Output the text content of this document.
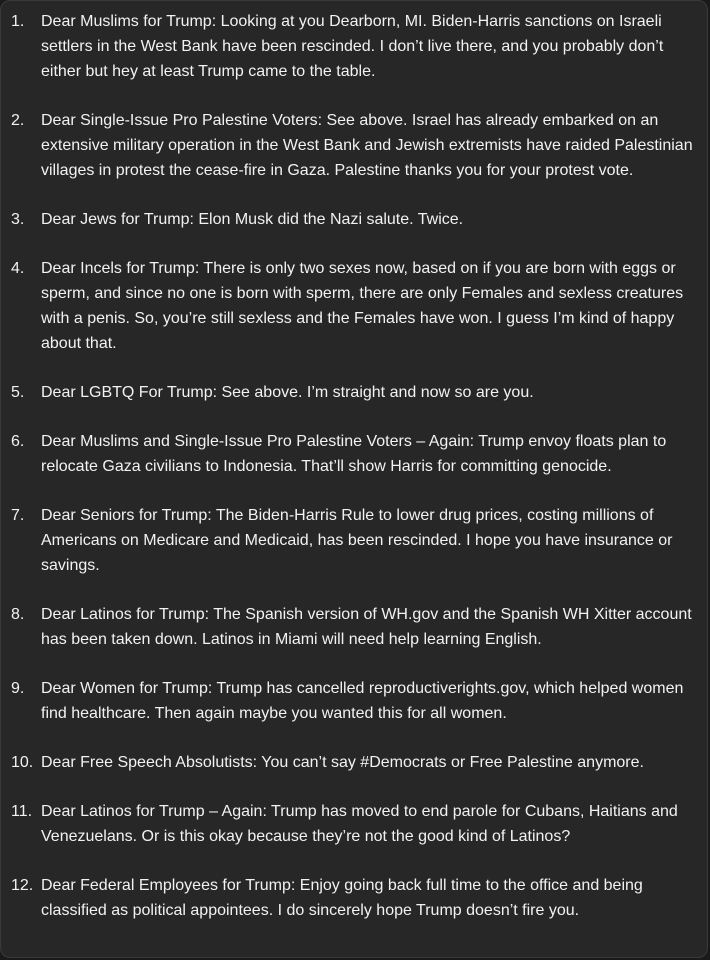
1. Dear Muslims for Trump: Looking at you Dearborn, MI. Biden-Harris sanctions on Israeli settlers in the West Bank have been rescinded. I don’t live there, and you probably don’t either but hey at least Trump came to the table.
2. Dear Single-Issue Pro Palestine Voters: See above. Israel has already embarked on an extensive military operation in the West Bank and Jewish extremists have raided Palestinian villages in protest the cease-fire in Gaza. Palestine thanks you for your protest vote.
3. Dear Jews for Trump: Elon Musk did the Nazi salute. Twice.
4. Dear Incels for Trump: There is only two sexes now, based on if you are born with eggs or sperm, and since no one is born with sperm, there are only Females and sexless creatures with a penis. So, you’re still sexless and the Females have won. I guess I’m kind of happy about that.
5. Dear LGBTQ For Trump: See above. I’m straight and now so are you.
6. Dear Muslims and Single-Issue Pro Palestine Voters – Again: Trump envoy floats plan to relocate Gaza civilians to Indonesia. That’ll show Harris for committing genocide.
7. Dear Seniors for Trump: The Biden-Harris Rule to lower drug prices, costing millions of Americans on Medicare and Medicaid, has been rescinded. I hope you have insurance or savings.
8. Dear Latinos for Trump: The Spanish version of WH.gov and the Spanish WH Xitter account has been taken down. Latinos in Miami will need help learning English.
9. Dear Women for Trump: Trump has cancelled reproductiverights.gov, which helped women find healthcare. Then again maybe you wanted this for all women.
10. Dear Free Speech Absolutists: You can’t say #Democrats or Free Palestine anymore.
11. Dear Latinos for Trump – Again: Trump has moved to end parole for Cubans, Haitians and Venezuelans. Or is this okay because they’re not the good kind of Latinos?
12. Dear Federal Employees for Trump: Enjoy going back full time to the office and being classified as political appointees. I do sincerely hope Trump doesn’t fire you.
